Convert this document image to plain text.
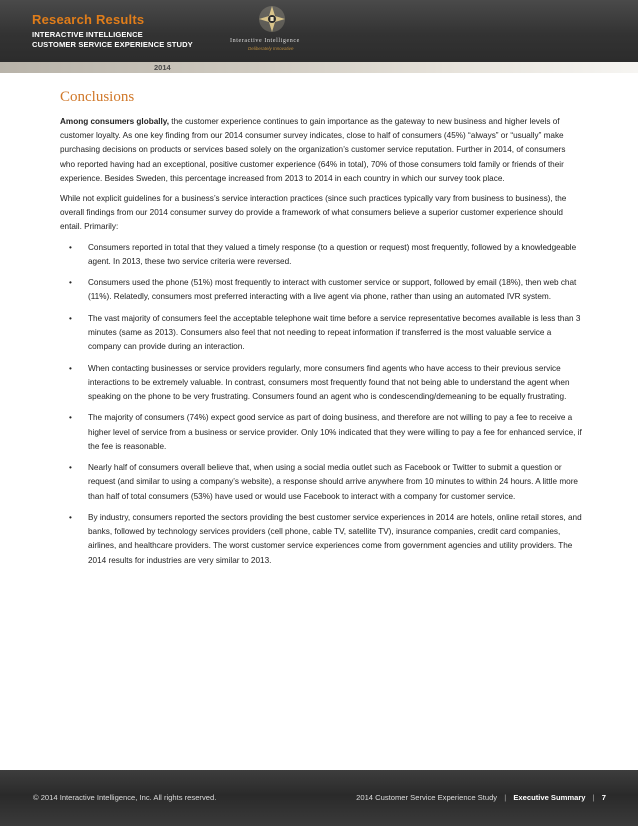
Research Results
INTERACTIVE INTELLIGENCE
CUSTOMER SERVICE EXPERIENCE STUDY	Interactive Intelligence
Deliberately Innovative
2014
Conclusions

Among consumers globally, the customer experience continues to gain importance as the gateway to new business and higher levels of customer loyalty. As one key finding from our 2014 consumer survey indicates, close to half of consumers (45%) “always” or “usually” make purchasing decisions on products or services based solely on the organization’s customer service reputation. Further in 2014, of consumers who reported having had an exceptional, positive customer experience (64% in total), 70% of those consumers told family or friends of their experience. Besides Sweden, this percentage increased from 2013 to 2014 in each country in which our survey took place.

While not explicit guidelines for a business’s service interaction practices (since such practices typically vary from business to business), the overall findings from our 2014 consumer survey do provide a framework of what consumers believe a superior customer experience should entail. Primarily:

• Consumers reported in total that they valued a timely response (to a question or request) most frequently, followed by a knowledgeable agent. In 2013, these two service criteria were reversed.
• Consumers used the phone (51%) most frequently to interact with customer service or support, followed by email (18%), then web chat (11%). Relatedly, consumers most preferred interacting with a live agent via phone, rather than using an automated IVR system.
• The vast majority of consumers feel the acceptable telephone wait time before a service representative becomes available is less than 3 minutes (same as 2013). Consumers also feel that not needing to repeat information if transferred is the most valuable service a company can provide during an interaction.
• When contacting businesses or service providers regularly, more consumers find agents who have access to their previous service interactions to be extremely valuable. In contrast, consumers most frequently found that not being able to understand the agent when speaking on the phone to be very frustrating. Consumers found an agent who is condescending/demeaning to be equally frustrating.
• The majority of consumers (74%) expect good service as part of doing business, and therefore are not willing to pay a fee to receive a higher level of service from a business or service provider. Only 10% indicated that they were willing to pay a fee for enhanced service, if the fee is reasonable.
• Nearly half of consumers overall believe that, when using a social media outlet such as Facebook or Twitter to submit a question or request (and similar to using a company’s website), a response should arrive anywhere from 10 minutes to within 24 hours. A little more than half of total consumers (53%) have used or would use Facebook to interact with a company for customer service.
• By industry, consumers reported the sectors providing the best customer service experiences in 2014 are hotels, online retail stores, and banks, followed by technology services providers (cell phone, cable TV, satellite TV), insurance companies, credit card companies, airlines, and healthcare providers. The worst customer service experiences come from government agencies and utility providers. The 2014 results for industries are very similar to 2013.
© 2014 Interactive Intelligence, Inc. All rights reserved.	2014 Customer Service Experience Study | Executive Summary | 7
